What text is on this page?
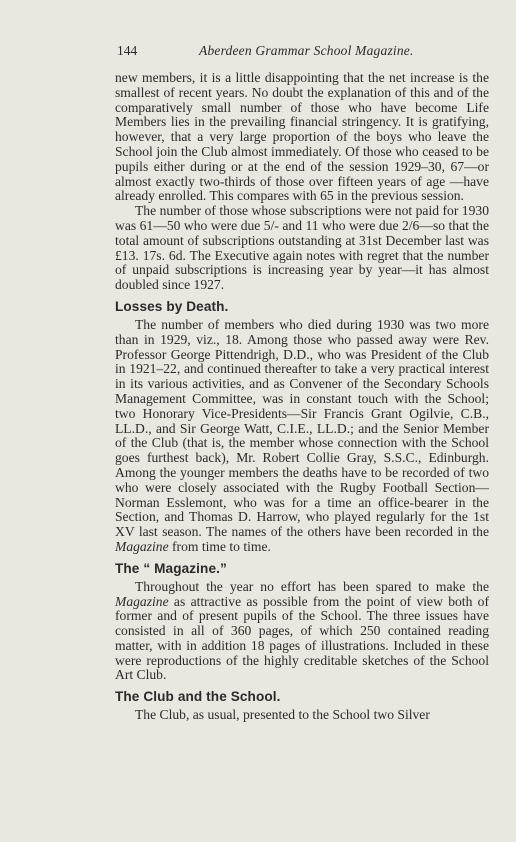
144	Aberdeen Grammar School Magazine.

new members, it is a little disappointing that the net increase is the smallest of recent years. No doubt the explanation of this and of the comparatively small number of those who have become Life Members lies in the prevailing financial stringency. It is gratifying, however, that a very large proportion of the boys who leave the School join the Club almost immediately. Of those who ceased to be pupils either during or at the end of the session 1929–30, 67—or almost exactly two-thirds of those over fifteen years of age —have already enrolled. This compares with 65 in the previous session.

The number of those whose subscriptions were not paid for 1930 was 61—50 who were due 5/- and 11 who were due 2/6—so that the total amount of subscriptions outstanding at 31st December last was £13. 17s. 6d. The Executive again notes with regret that the number of unpaid subscriptions is increasing year by year—it has almost doubled since 1927.

Losses by Death.

The number of members who died during 1930 was two more than in 1929, viz., 18. Among those who passed away were Rev. Professor George Pittendrigh, D.D., who was President of the Club in 1921–22, and continued thereafter to take a very practical interest in its various activities, and as Convener of the Secondary Schools Management Committee, was in constant touch with the School; two Honorary Vice-Presidents—Sir Francis Grant Ogilvie, C.B., LL.D., and Sir George Watt, C.I.E., LL.D.; and the Senior Member of the Club (that is, the member whose connection with the School goes furthest back), Mr. Robert Collie Gray, S.S.C., Edinburgh. Among the younger members the deaths have to be recorded of two who were closely associated with the Rugby Football Section—Norman Esslemont, who was for a time an office-bearer in the Section, and Thomas D. Harrow, who played regularly for the 1st XV last season. The names of the others have been recorded in the Magazine from time to time.

The “ Magazine.”

Throughout the year no effort has been spared to make the Magazine as attractive as possible from the point of view both of former and of present pupils of the School. The three issues have consisted in all of 360 pages, of which 250 contained reading matter, with in addition 18 pages of illustrations. Included in these were reproductions of the highly creditable sketches of the School Art Club.

The Club and the School.

The Club, as usual, presented to the School two Silver
